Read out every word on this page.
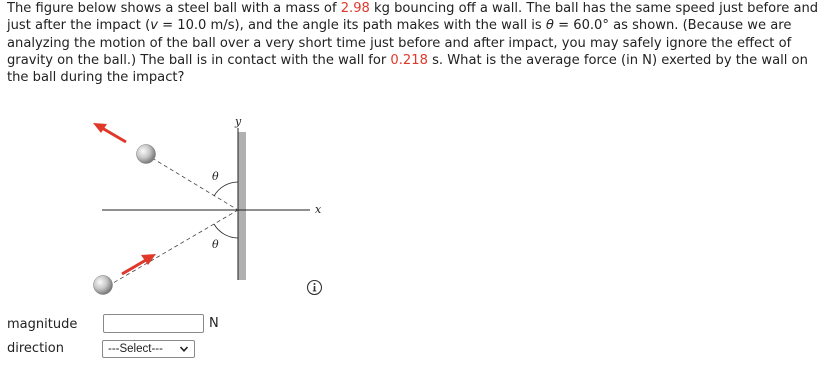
The figure below shows a steel ball with a mass of 2.98 kg bouncing off a wall. The ball has the same speed just before and just after the impact (v = 10.0 m/s), and the angle its path makes with the wall is θ = 60.0° as shown. (Because we are analyzing the motion of the ball over a very short time just before and after impact, you may safely ignore the effect of gravity on the ball.) The ball is in contact with the wall for 0.218 s. What is the average force (in N) exerted by the wall on the ball during the impact?

y
x
θ
θ
magnitude	N
direction	---Select---
